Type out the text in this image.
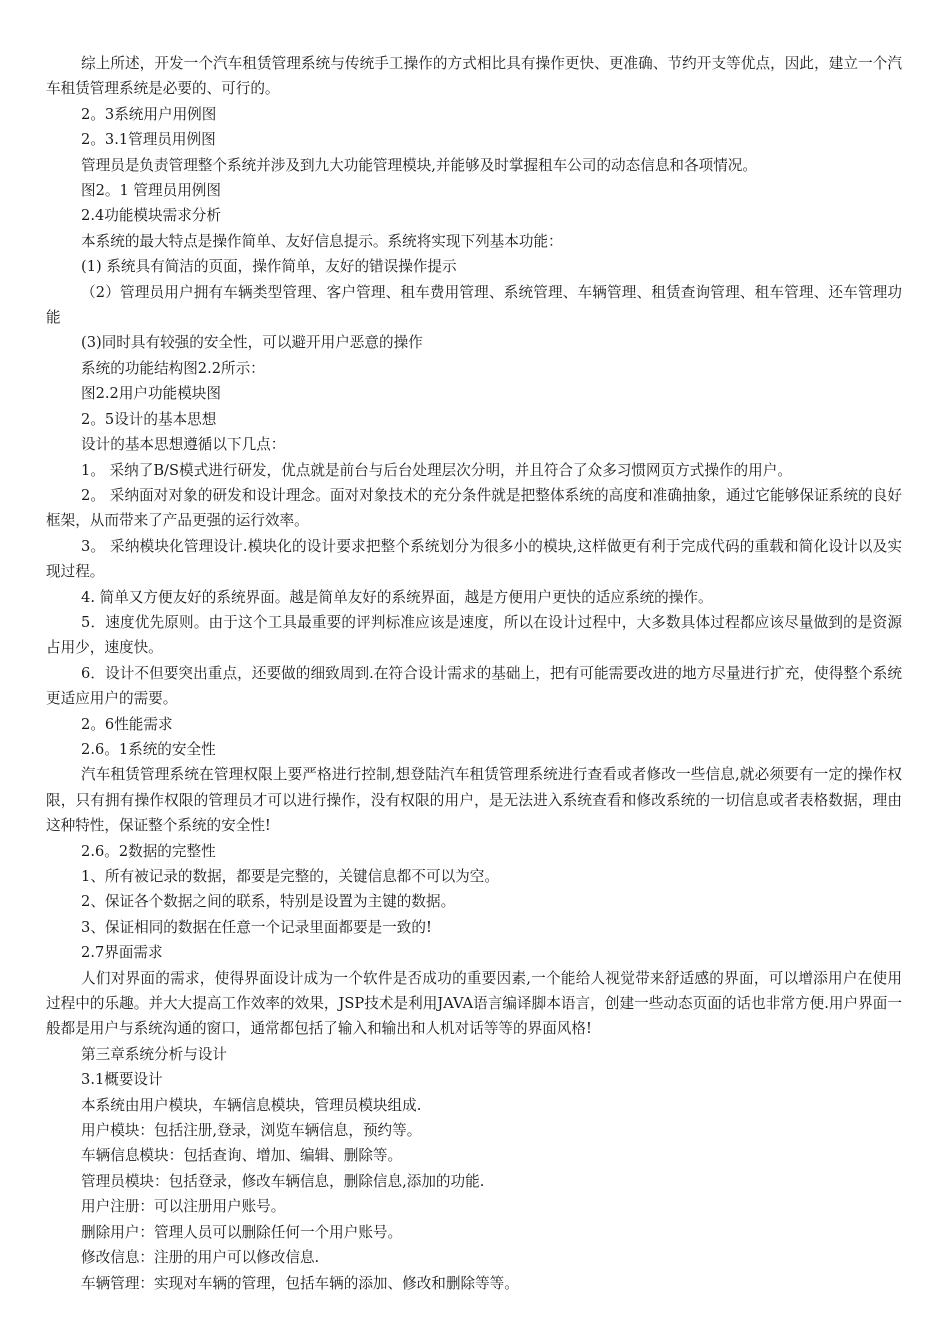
综上所述，开发一个汽车租赁管理系统与传统手工操作的方式相比具有操作更快、更准确、节约开支等优点，因此，建立一个汽车租赁管理系统是必要的、可行的。

2。3系统用户用例图

2。3.1管理员用例图

管理员是负责管理整个系统并涉及到九大功能管理模块,并能够及时掌握租车公司的动态信息和各项情况。

图2。1 管理员用例图

2.4功能模块需求分析

本系统的最大特点是操作简单、友好信息提示。系统将实现下列基本功能：

(1) 系统具有简洁的页面，操作简单，友好的错误操作提示

（2）管理员用户拥有车辆类型管理、客户管理、租车费用管理、系统管理、车辆管理、租赁查询管理、租车管理、还车管理功能

(3)同时具有较强的安全性，可以避开用户恶意的操作

系统的功能结构图2.2所示：

图2.2用户功能模块图

2。5设计的基本思想

设计的基本思想遵循以下几点：

1。 采纳了B/S模式进行研发，优点就是前台与后台处理层次分明，并且符合了众多习惯网页方式操作的用户。

2。 采纳面对对象的研发和设计理念。面对对象技术的充分条件就是把整体系统的高度和准确抽象，通过它能够保证系统的良好框架，从而带来了产品更强的运行效率。

3。 采纳模块化管理设计.模块化的设计要求把整个系统划分为很多小的模块,这样做更有利于完成代码的重载和简化设计以及实现过程。

4. 简单又方便友好的系统界面。越是简单友好的系统界面，越是方便用户更快的适应系统的操作。

5．速度优先原则。由于这个工具最重要的评判标准应该是速度，所以在设计过程中，大多数具体过程都应该尽量做到的是资源占用少，速度快。

6．设计不但要突出重点，还要做的细致周到.在符合设计需求的基础上，把有可能需要改进的地方尽量进行扩充，使得整个系统更适应用户的需要。

2。6性能需求

2.6。1系统的安全性

汽车租赁管理系统在管理权限上要严格进行控制,想登陆汽车租赁管理系统进行查看或者修改一些信息,就必须要有一定的操作权限，只有拥有操作权限的管理员才可以进行操作，没有权限的用户，是无法进入系统查看和修改系统的一切信息或者表格数据，理由这种特性，保证整个系统的安全性!

2.6。2数据的完整性

1、所有被记录的数据，都要是完整的，关键信息都不可以为空。

2、保证各个数据之间的联系，特别是设置为主键的数据。

3、保证相同的数据在任意一个记录里面都要是一致的!

2.7界面需求

人们对界面的需求，使得界面设计成为一个软件是否成功的重要因素,一个能给人视觉带来舒适感的界面，可以增添用户在使用过程中的乐趣。并大大提高工作效率的效果，JSP技术是利用JAVA语言编译脚本语言，创建一些动态页面的话也非常方便.用户界面一般都是用户与系统沟通的窗口，通常都包括了输入和输出和人机对话等等的界面风格!

第三章系统分析与设计

3.1概要设计

本系统由用户模块，车辆信息模块，管理员模块组成.

用户模块：包括注册,登录，浏览车辆信息，预约等。

车辆信息模块：包括查询、增加、编辑、删除等。

管理员模块：包括登录，修改车辆信息，删除信息,添加的功能.

用户注册：可以注册用户账号。

删除用户：管理人员可以删除任何一个用户账号。

修改信息：注册的用户可以修改信息.

车辆管理：实现对车辆的管理，包括车辆的添加、修改和删除等等。
